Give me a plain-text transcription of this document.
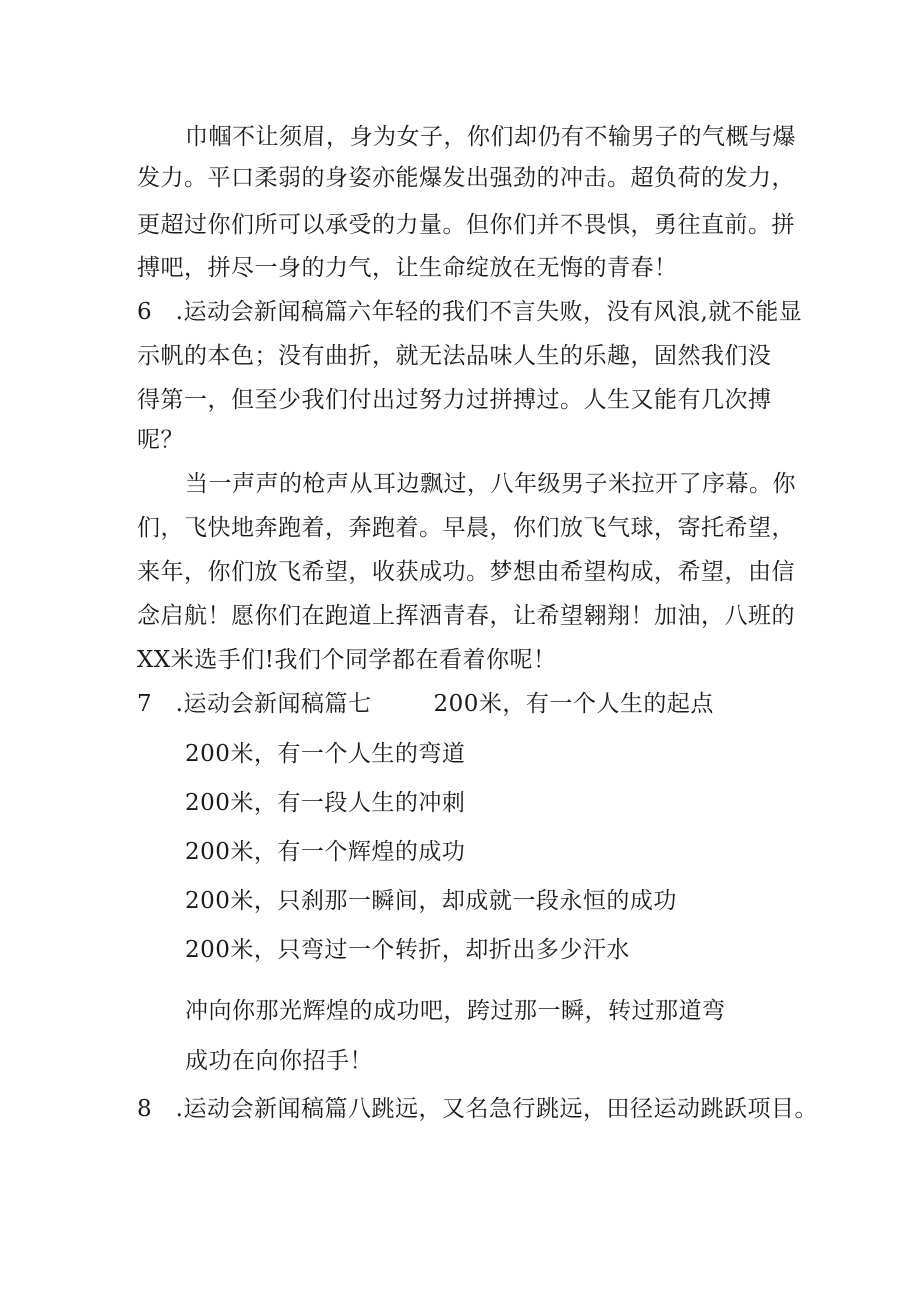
巾帼不让须眉，身为女子，你们却仍有不输男子的气概与爆
发力。平口柔弱的身姿亦能爆发出强劲的冲击。超负荷的发力，
更超过你们所可以承受的力量。但你们并不畏惧，勇往直前。拼
搏吧，拼尽一身的力气，让生命绽放在无悔的青春！
6　.运动会新闻稿篇六年轻的我们不言失败，没有风浪,就不能显
示帆的本色；没有曲折，就无法品味人生的乐趣，固然我们没
得第一，但至少我们付出过努力过拼搏过。人生又能有几次搏
呢？
当一声声的枪声从耳边飘过，八年级男子米拉开了序幕。你
们，飞快地奔跑着，奔跑着。早晨，你们放飞气球，寄托希望，
来年，你们放飞希望，收获成功。梦想由希望构成，希望，由信
念启航！愿你们在跑道上挥洒青春，让希望翱翔！加油，八班的
XX米选手们!我们个同学都在看着你呢！
7　.运动会新闻稿篇七	200米，有一个人生的起点
200米，有一个人生的弯道
200米，有一段人生的冲刺
200米，有一个辉煌的成功
200米，只刹那一瞬间，却成就一段永恒的成功
200米，只弯过一个转折，却折出多少汗水
冲向你那光辉煌的成功吧，跨过那一瞬，转过那道弯
成功在向你招手！
8　.运动会新闻稿篇八跳远，又名急行跳远，田径运动跳跃项目。
